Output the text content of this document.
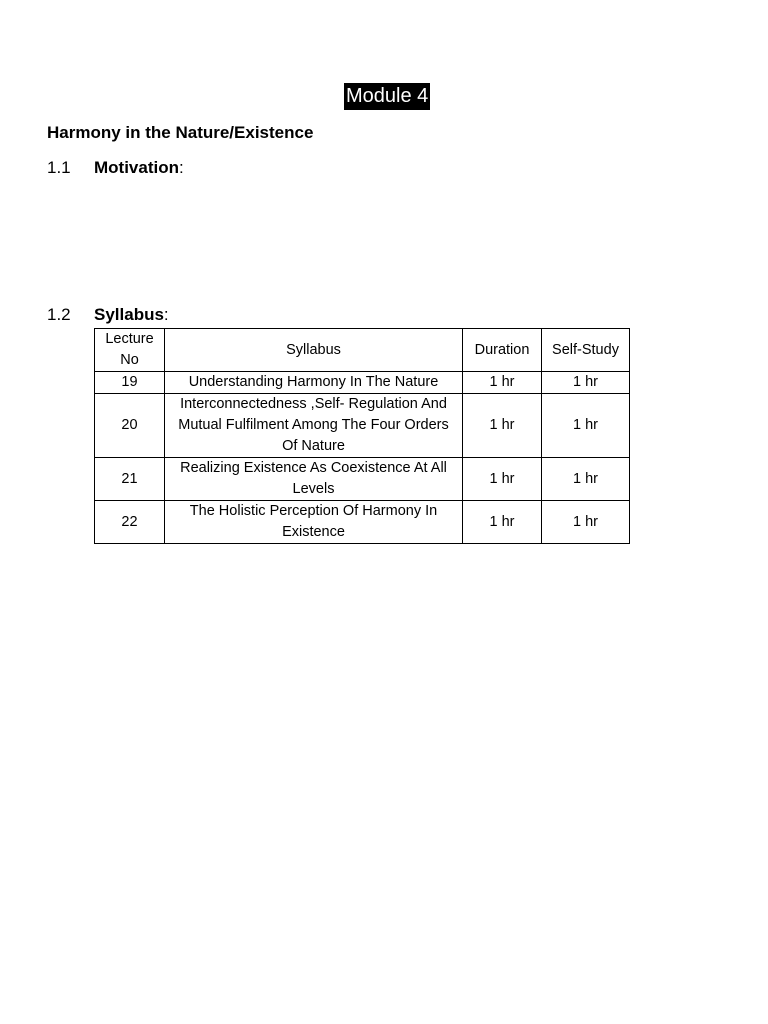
Module 4
Harmony in the Nature/Existence
1.1 Motivation:
1.2 Syllabus:
Lecture No	Syllabus	Duration	Self-Study
19	Understanding Harmony In The Nature	1 hr	1 hr
20	Interconnectedness ,Self- Regulation And Mutual Fulfilment Among The Four Orders Of Nature	1 hr	1 hr
21	Realizing Existence As Coexistence At All Levels	1 hr	1 hr
22	The Holistic Perception Of Harmony In Existence	1 hr	1 hr
